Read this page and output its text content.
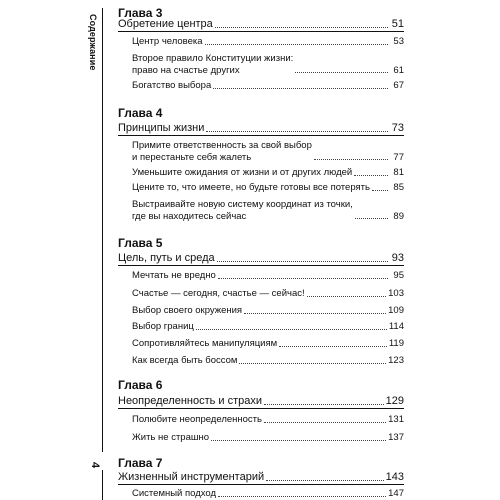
Содержание
4
Глава 3
Обретение центра	51
Центр человека	53
Второе правило Конституции жизни:
право на счастье других	61
Богатство выбора	67
Глава 4
Принципы жизни	73
Примите ответственность за свой выбор
и перестаньте себя жалеть	77
Уменьшите ожидания от жизни и от других людей	81
Цените то, что имеете, но будьте готовы все потерять	85
Выстраивайте новую систему координат из точки,
где вы находитесь сейчас	89
Глава 5
Цель, путь и среда	93
Мечтать не вредно	95
Счастье — сегодня, счастье — сейчас!	103
Выбор своего окружения	109
Выбор границ	114
Сопротивляйтесь манипуляциям	119
Как всегда быть боссом	123
Глава 6
Неопределенность и страхи	129
Полюбите неопределенность	131
Жить не страшно	137
Глава 7
Жизненный инструментарий	143
Системный подход	147
